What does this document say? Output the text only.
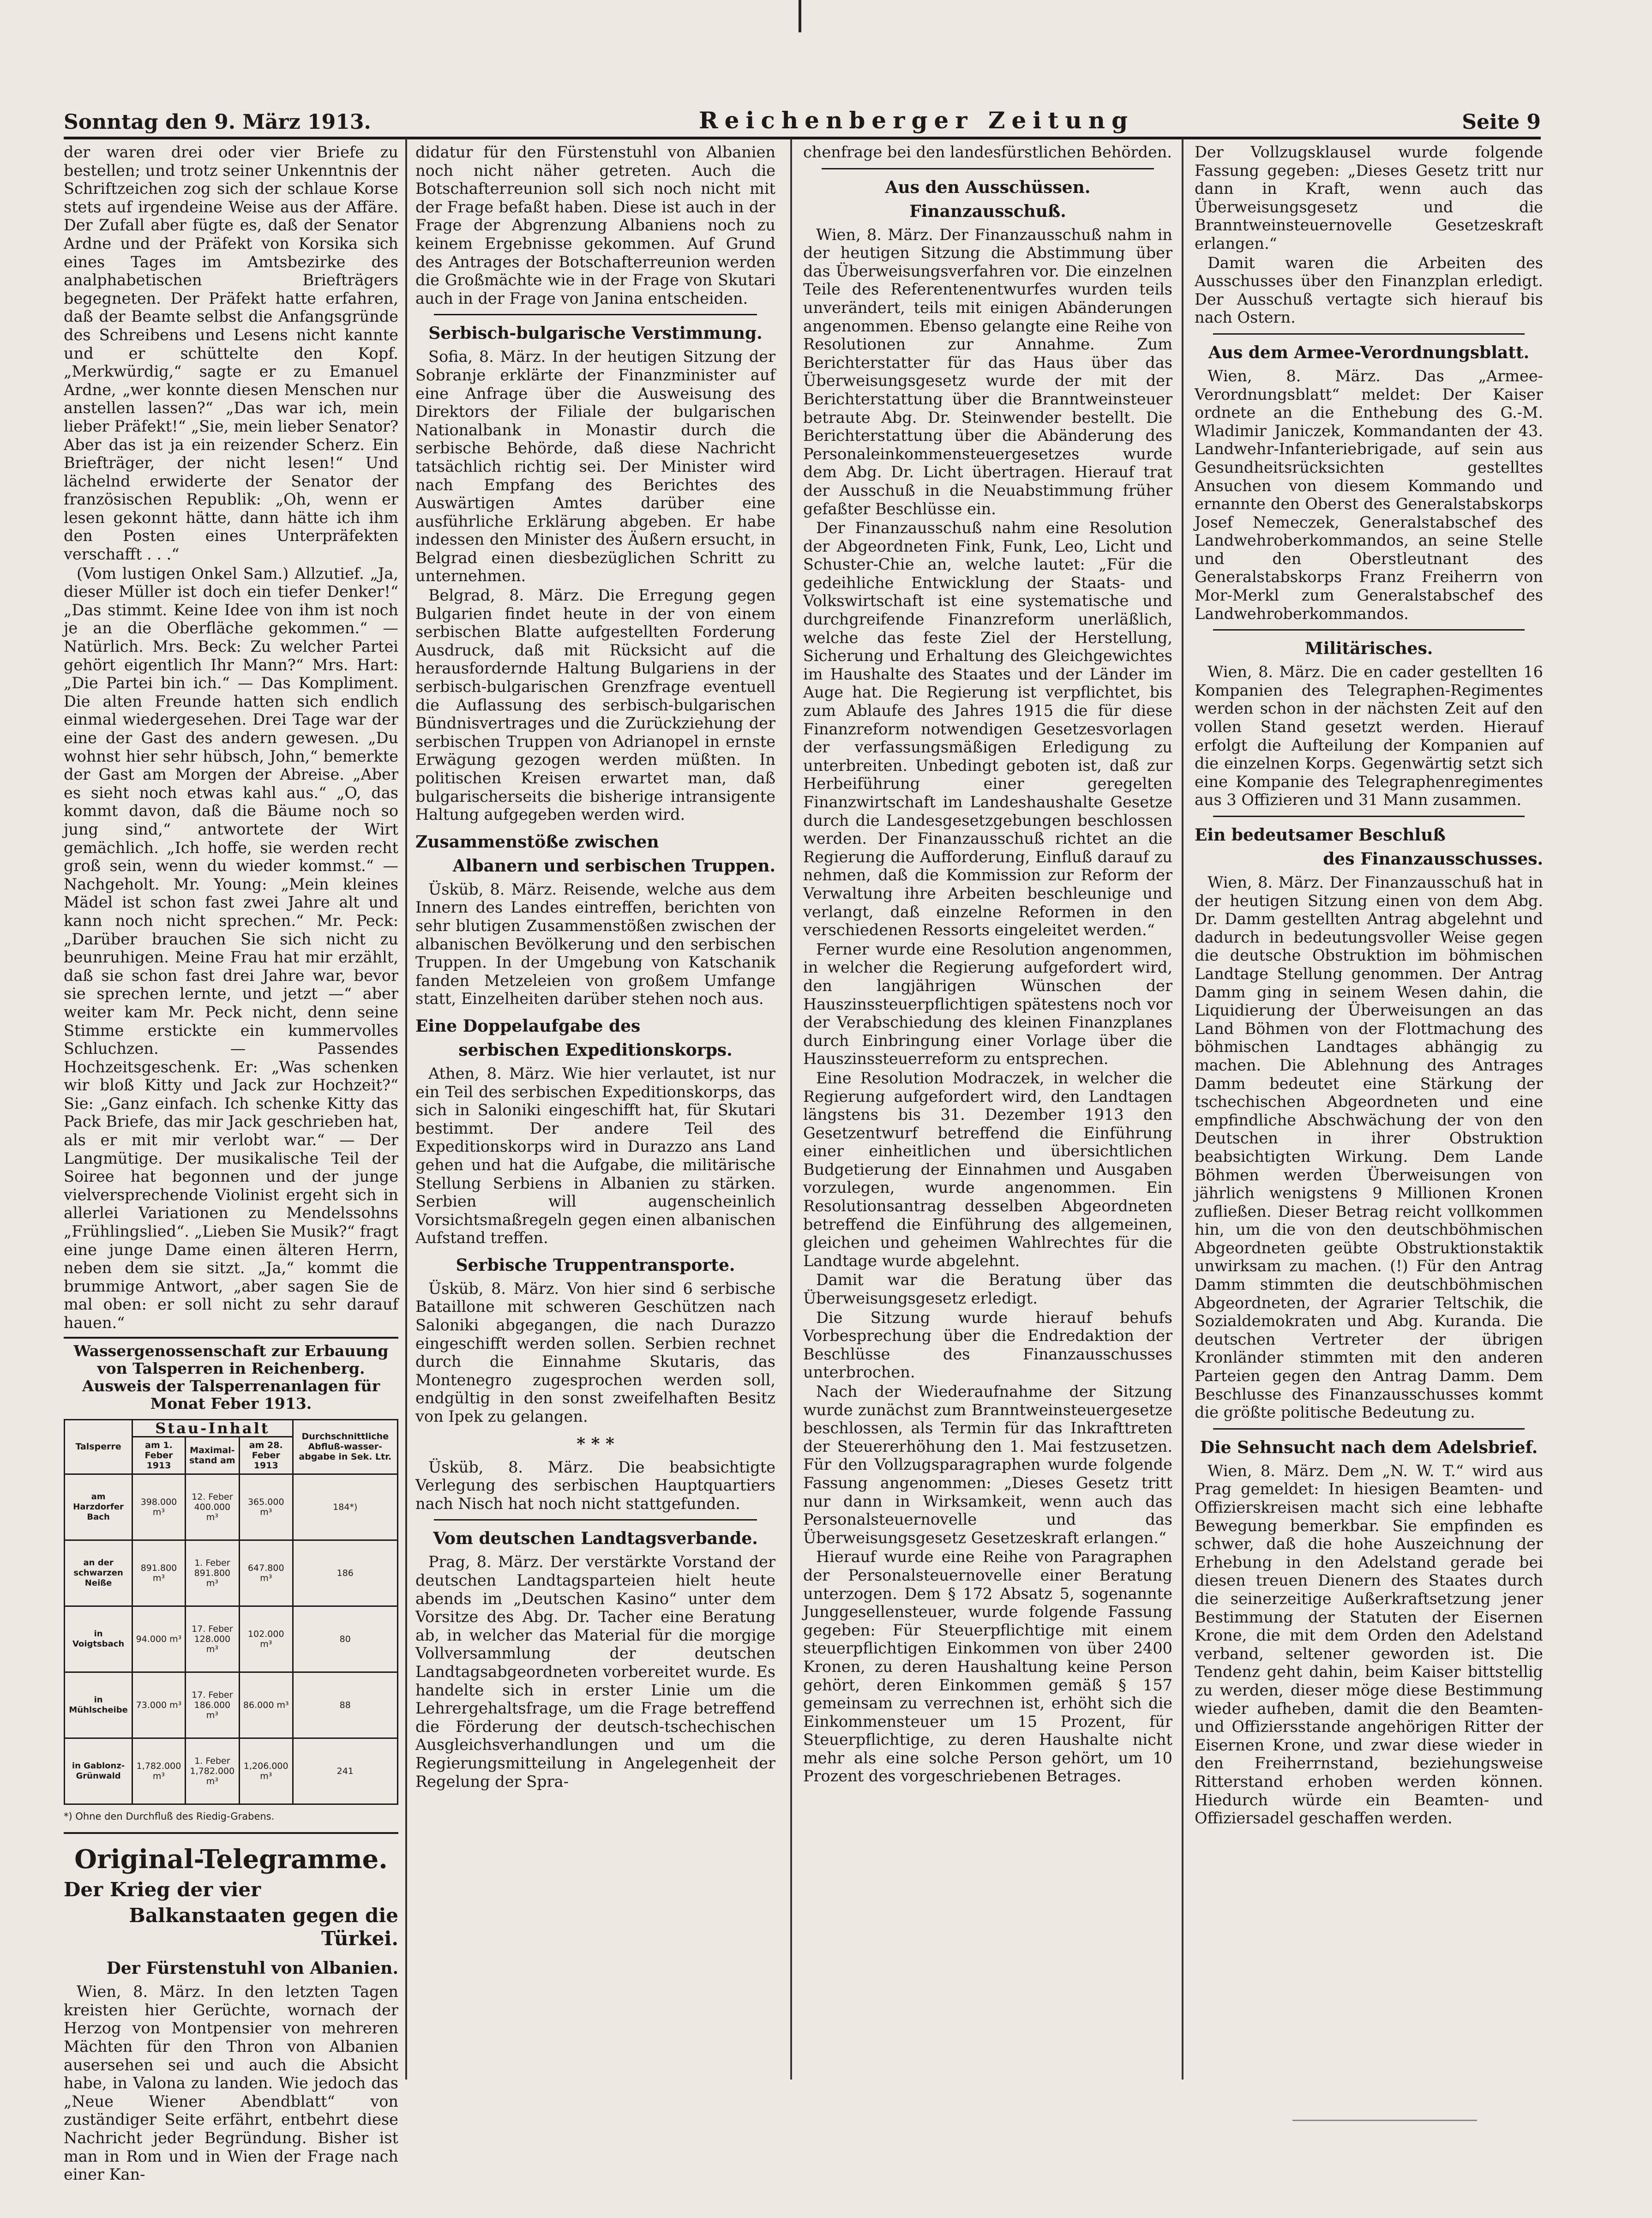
Sonntag den 9. März 1913.	Reichenberger Zeitung	Seite 9

der waren drei oder vier Briefe zu bestellen; und trotz seiner Unkenntnis der Schriftzeichen zog sich der schlaue Korse stets auf irgendeine Weise aus der Affäre. Der Zufall aber fügte es, daß der Senator Ardne und der Präfekt von Korsika sich eines Tages im Amtsbezirke des analphabetischen Briefträgers begegneten. Der Präfekt hatte erfahren, daß der Beamte selbst die Anfangsgründe des Schreibens und Lesens nicht kannte und er schüttelte den Kopf. „Merkwürdig,“ sagte er zu Emanuel Ardne, „wer konnte diesen Menschen nur anstellen lassen?“ „Das war ich, mein lieber Präfekt!“ „Sie, mein lieber Senator? Aber das ist ja ein reizender Scherz. Ein Briefträger, der nicht lesen!“ Und lächelnd erwiderte der Senator der französischen Republik: „Oh, wenn er lesen gekonnt hätte, dann hätte ich ihm den Posten eines Unterpräfekten verschafft . . .“

(Vom lustigen Onkel Sam.) Allzutief. „Ja, dieser Müller ist doch ein tiefer Denker!“ „Das stimmt. Keine Idee von ihm ist noch je an die Oberfläche gekommen.“ — Natürlich. Mrs. Beck: Zu welcher Partei gehört eigentlich Ihr Mann?“ Mrs. Hart: „Die Partei bin ich.“ — Das Kompliment. Die alten Freunde hatten sich endlich einmal wiedergesehen. Drei Tage war der eine der Gast des andern gewesen. „Du wohnst hier sehr hübsch, John,“ bemerkte der Gast am Morgen der Abreise. „Aber es sieht noch etwas kahl aus.“ „O, das kommt davon, daß die Bäume noch so jung sind,“ antwortete der Wirt gemächlich. „Ich hoffe, sie werden recht groß sein, wenn du wieder kommst.“ — Nachgeholt. Mr. Young: „Mein kleines Mädel ist schon fast zwei Jahre alt und kann noch nicht sprechen.“ Mr. Peck: „Darüber brauchen Sie sich nicht zu beunruhigen. Meine Frau hat mir erzählt, daß sie schon fast drei Jahre war, bevor sie sprechen lernte, und jetzt —“ aber weiter kam Mr. Peck nicht, denn seine Stimme erstickte ein kummervolles Schluchzen. — Passendes Hochzeitsgeschenk. Er: „Was schenken wir bloß Kitty und Jack zur Hochzeit?“ Sie: „Ganz einfach. Ich schenke Kitty das Pack Briefe, das mir Jack geschrieben hat, als er mit mir verlobt war.“ — Der Langmütige. Der musikalische Teil der Soiree hat begonnen und der junge vielversprechende Violinist ergeht sich in allerlei Variationen zu Mendelssohns „Frühlingslied“. „Lieben Sie Musik?“ fragt eine junge Dame einen älteren Herrn, neben dem sie sitzt. „Ja,“ kommt die brummige Antwort, „aber sagen Sie de mal oben: er soll nicht zu sehr darauf hauen.“

Wassergenossenschaft zur Erbauung von Talsperren in Reichenberg.
Ausweis der Talsperrenanlagen für Monat Feber 1913.
Talsperre	Stau-Inhalt			Durchschnittliche Abfluß-wasser-abgabe in Sek. Ltr.
	am 1. Feber 1913	Maximal-stand am	am 28. Feber 1913	
am Harzdorfer Bach	398.000 m³	12. Feber 400.000 m³	365.000 m³	184*)
an der schwarzen Neiße	891.800 m³	1. Feber 891.800 m³	647.800 m³	186
in Voigtsbach	94.000 m³	17. Feber 128.000 m³	102.000 m³	80
in Mühlscheibe	73.000 m³	17. Feber 186.000 m³	86.000 m³	88
in Gablonz-Grünwald	1,782.000 m³	1. Feber 1,782.000 m³	1,206.000 m³	241
*) Ohne den Durchfluß des Riedig-Grabens.
Original-Telegramme.
Der Krieg der vier
Balkanstaaten gegen die Türkei.
Der Fürstenstuhl von Albanien.

Wien, 8. März. In den letzten Tagen kreisten hier Gerüchte, wornach der Herzog von Montpensier von mehreren Mächten für den Thron von Albanien ausersehen sei und auch die Absicht habe, in Valona zu landen. Wie jedoch das „Neue Wiener Abendblatt“ von zuständiger Seite erfährt, entbehrt diese Nachricht jeder Begründung. Bisher ist man in Rom und in Wien der Frage nach einer Kan-

didatur für den Fürstenstuhl von Albanien noch nicht näher getreten. Auch die Botschafterreunion soll sich noch nicht mit der Frage befaßt haben. Diese ist auch in der Frage der Abgrenzung Albaniens noch zu keinem Ergebnisse gekommen. Auf Grund des Antrages der Botschafterreunion werden die Großmächte wie in der Frage von Skutari auch in der Frage von Janina entscheiden.

Serbisch-bulgarische Verstimmung.

Sofia, 8. März. In der heutigen Sitzung der Sobranje erklärte der Finanzminister auf eine Anfrage über die Ausweisung des Direktors der Filiale der bulgarischen Nationalbank in Monastir durch die serbische Behörde, daß diese Nachricht tatsächlich richtig sei. Der Minister wird nach Empfang des Berichtes des Auswärtigen Amtes darüber eine ausführliche Erklärung abgeben. Er habe indessen den Minister des Äußern ersucht, in Belgrad einen diesbezüglichen Schritt zu unternehmen.

Belgrad, 8. März. Die Erregung gegen Bulgarien findet heute in der von einem serbischen Blatte aufgestellten Forderung Ausdruck, daß mit Rücksicht auf die herausfordernde Haltung Bulgariens in der serbisch-bulgarischen Grenzfrage eventuell die Auflassung des serbisch-bulgarischen Bündnisvertrages und die Zurückziehung der serbischen Truppen von Adrianopel in ernste Erwägung gezogen werden müßten. In politischen Kreisen erwartet man, daß bulgarischerseits die bisherige intransigente Haltung aufgegeben werden wird.

Zusammenstöße zwischen
Albanern und serbischen Truppen.

Üsküb, 8. März. Reisende, welche aus dem Innern des Landes eintreffen, berichten von sehr blutigen Zusammenstößen zwischen der albanischen Bevölkerung und den serbischen Truppen. In der Umgebung von Katschanik fanden Metzeleien von großem Umfange statt, Einzelheiten darüber stehen noch aus.

Eine Doppelaufgabe des
serbischen Expeditionskorps.

Athen, 8. März. Wie hier verlautet, ist nur ein Teil des serbischen Expeditionskorps, das sich in Saloniki eingeschifft hat, für Skutari bestimmt. Der andere Teil des Expeditionskorps wird in Durazzo ans Land gehen und hat die Aufgabe, die militärische Stellung Serbiens in Albanien zu stärken. Serbien will augenscheinlich Vorsichtsmaßregeln gegen einen albanischen Aufstand treffen.

Serbische Truppentransporte.

Üsküb, 8. März. Von hier sind 6 serbische Bataillone mit schweren Geschützen nach Saloniki abgegangen, die nach Durazzo eingeschifft werden sollen. Serbien rechnet durch die Einnahme Skutaris, das Montenegro zugesprochen werden soll, endgültig in den sonst zweifelhaften Besitz von Ipek zu gelangen.

* * *

Üsküb, 8. März. Die beabsichtigte Verlegung des serbischen Hauptquartiers nach Nisch hat noch nicht stattgefunden.

Vom deutschen Landtagsverbande.

Prag, 8. März. Der verstärkte Vorstand der deutschen Landtagsparteien hielt heute abends im „Deutschen Kasino“ unter dem Vorsitze des Abg. Dr. Tacher eine Beratung ab, in welcher das Material für die morgige Vollversammlung der deutschen Landtagsabgeordneten vorbereitet wurde. Es handelte sich in erster Linie um die Lehrergehaltsfrage, um die Frage betreffend die Förderung der deutsch-tschechischen Ausgleichsverhandlungen und um die Regierungsmitteilung in Angelegenheit der Regelung der Spra-

chenfrage bei den landesfürstlichen Behörden.

Aus den Ausschüssen.
Finanzausschuß.

Wien, 8. März. Der Finanzausschuß nahm in der heutigen Sitzung die Abstimmung über das Überweisungsverfahren vor. Die einzelnen Teile des Referentenentwurfes wurden teils unverändert, teils mit einigen Abänderungen angenommen. Ebenso gelangte eine Reihe von Resolutionen zur Annahme. Zum Berichterstatter für das Haus über das Überweisungsgesetz wurde der mit der Berichterstattung über die Branntweinsteuer betraute Abg. Dr. Steinwender bestellt. Die Berichterstattung über die Abänderung des Personaleinkommensteuergesetzes wurde dem Abg. Dr. Licht übertragen. Hierauf trat der Ausschuß in die Neuabstimmung früher gefaßter Beschlüsse ein.

Der Finanzausschuß nahm eine Resolution der Abgeordneten Fink, Funk, Leo, Licht und Schuster-Chie an, welche lautet: „Für die gedeihliche Entwicklung der Staats- und Volkswirtschaft ist eine systematische und durchgreifende Finanzreform unerläßlich, welche das feste Ziel der Herstellung, Sicherung und Erhaltung des Gleichgewichtes im Haushalte des Staates und der Länder im Auge hat. Die Regierung ist verpflichtet, bis zum Ablaufe des Jahres 1915 die für diese Finanzreform notwendigen Gesetzesvorlagen der verfassungsmäßigen Erledigung zu unterbreiten. Unbedingt geboten ist, daß zur Herbeiführung einer geregelten Finanzwirtschaft im Landeshaushalte Gesetze durch die Landesgesetzgebungen beschlossen werden. Der Finanzausschuß richtet an die Regierung die Aufforderung, Einfluß darauf zu nehmen, daß die Kommission zur Reform der Verwaltung ihre Arbeiten beschleunige und verlangt, daß einzelne Reformen in den verschiedenen Ressorts eingeleitet werden.“

Ferner wurde eine Resolution angenommen, in welcher die Regierung aufgefordert wird, den langjährigen Wünschen der Hauszinssteuerpflichtigen spätestens noch vor der Verabschiedung des kleinen Finanzplanes durch Einbringung einer Vorlage über die Hauszinssteuerreform zu entsprechen.

Eine Resolution Modraczek, in welcher die Regierung aufgefordert wird, den Landtagen längstens bis 31. Dezember 1913 den Gesetzentwurf betreffend die Einführung einer einheitlichen und übersichtlichen Budgetierung der Einnahmen und Ausgaben vorzulegen, wurde angenommen. Ein Resolutionsantrag desselben Abgeordneten betreffend die Einführung des allgemeinen, gleichen und geheimen Wahlrechtes für die Landtage wurde abgelehnt.

Damit war die Beratung über das Überweisungsgesetz erledigt.

Die Sitzung wurde hierauf behufs Vorbesprechung über die Endredaktion der Beschlüsse des Finanzausschusses unterbrochen.

Nach der Wiederaufnahme der Sitzung wurde zunächst zum Branntweinsteuergesetze beschlossen, als Termin für das Inkrafttreten der Steuererhöhung den 1. Mai festzusetzen. Für den Vollzugsparagraphen wurde folgende Fassung angenommen: „Dieses Gesetz tritt nur dann in Wirksamkeit, wenn auch das Personalsteuernovelle und das Überweisungsgesetz Gesetzeskraft erlangen.“

Hierauf wurde eine Reihe von Paragraphen der Personalsteuernovelle einer Beratung unterzogen. Dem § 172 Absatz 5, sogenannte Junggesellensteuer, wurde folgende Fassung gegeben: Für Steuerpflichtige mit einem steuerpflichtigen Einkommen von über 2400 Kronen, zu deren Haushaltung keine Person gehört, deren Einkommen gemäß § 157 gemeinsam zu verrechnen ist, erhöht sich die Einkommensteuer um 15 Prozent, für Steuerpflichtige, zu deren Haushalte nicht mehr als eine solche Person gehört, um 10 Prozent des vorgeschriebenen Betrages.

Der Vollzugsklausel wurde folgende Fassung gegeben: „Dieses Gesetz tritt nur dann in Kraft, wenn auch das Überweisungsgesetz und die Branntweinsteuernovelle Gesetzeskraft erlangen.“

Damit waren die Arbeiten des Ausschusses über den Finanzplan erledigt. Der Ausschuß vertagte sich hierauf bis nach Ostern.

Aus dem Armee-Verordnungsblatt.

Wien, 8. März. Das „Armee-Verordnungsblatt“ meldet: Der Kaiser ordnete an die Enthebung des G.-M. Wladimir Janiczek, Kommandanten der 43. Landwehr-Infanteriebrigade, auf sein aus Gesundheitsrücksichten gestelltes Ansuchen von diesem Kommando und ernannte den Oberst des Generalstabskorps Josef Nemeczek, Generalstabschef des Landwehroberkommandos, an seine Stelle und den Oberstleutnant des Generalstabskorps Franz Freiherrn von Mor-Merkl zum Generalstabschef des Landwehroberkommandos.

Militärisches.

Wien, 8. März. Die en cader gestellten 16 Kompanien des Telegraphen-Regimentes werden schon in der nächsten Zeit auf den vollen Stand gesetzt werden. Hierauf erfolgt die Aufteilung der Kompanien auf die einzelnen Korps. Gegenwärtig setzt sich eine Kompanie des Telegraphenregimentes aus 3 Offizieren und 31 Mann zusammen.

Ein bedeutsamer Beschluß
des Finanzausschusses.

Wien, 8. März. Der Finanzausschuß hat in der heutigen Sitzung einen von dem Abg. Dr. Damm gestellten Antrag abgelehnt und dadurch in bedeutungsvoller Weise gegen die deutsche Obstruktion im böhmischen Landtage Stellung genommen. Der Antrag Damm ging in seinem Wesen dahin, die Liquidierung der Überweisungen an das Land Böhmen von der Flottmachung des böhmischen Landtages abhängig zu machen. Die Ablehnung des Antrages Damm bedeutet eine Stärkung der tschechischen Abgeordneten und eine empfindliche Abschwächung der von den Deutschen in ihrer Obstruktion beabsichtigten Wirkung. Dem Lande Böhmen werden Überweisungen von jährlich wenigstens 9 Millionen Kronen zufließen. Dieser Betrag reicht vollkommen hin, um die von den deutschböhmischen Abgeordneten geübte Obstruktionstaktik unwirksam zu machen. (!) Für den Antrag Damm stimmten die deutschböhmischen Abgeordneten, der Agrarier Teltschik, die Sozialdemokraten und Abg. Kuranda. Die deutschen Vertreter der übrigen Kronländer stimmten mit den anderen Parteien gegen den Antrag Damm. Dem Beschlusse des Finanzausschusses kommt die größte politische Bedeutung zu.

Die Sehnsucht nach dem Adelsbrief.

Wien, 8. März. Dem „N. W. T.“ wird aus Prag gemeldet: In hiesigen Beamten- und Offizierskreisen macht sich eine lebhafte Bewegung bemerkbar. Sie empfinden es schwer, daß die hohe Auszeichnung der Erhebung in den Adelstand gerade bei diesen treuen Dienern des Staates durch die seinerzeitige Außerkraftsetzung jener Bestimmung der Statuten der Eisernen Krone, die mit dem Orden den Adelstand verband, seltener geworden ist. Die Tendenz geht dahin, beim Kaiser bittstellig zu werden, dieser möge diese Bestimmung wieder aufheben, damit die den Beamten- und Offiziersstande angehörigen Ritter der Eisernen Krone, und zwar diese wieder in den Freiherrnstand, beziehungsweise Ritterstand erhoben werden können. Hiedurch würde ein Beamten- und Offiziersadel geschaffen werden.
